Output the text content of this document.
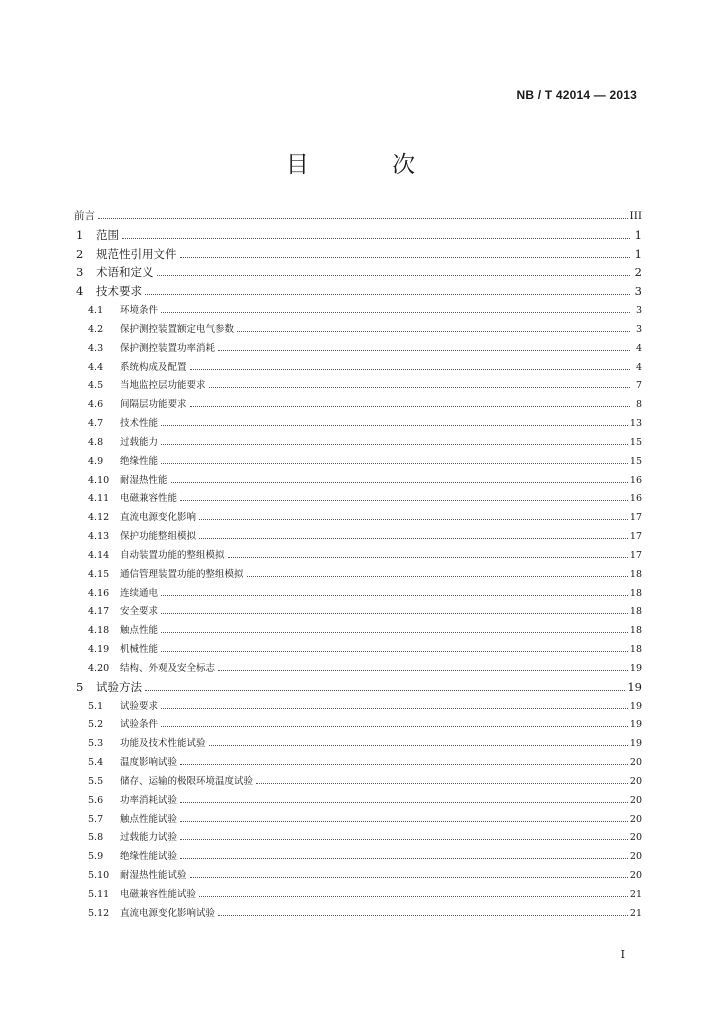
NB / T 42014 — 2013
目 次
前言	III
1	范围	1
2	规范性引用文件	1
3	术语和定义	2
4	技术要求	3
4.1	环境条件	3
4.2	保护测控装置额定电气参数	3
4.3	保护测控装置功率消耗	4
4.4	系统构成及配置	4
4.5	当地监控层功能要求	7
4.6	间隔层功能要求	8
4.7	技术性能	13
4.8	过载能力	15
4.9	绝缘性能	15
4.10	耐湿热性能	16
4.11	电磁兼容性能	16
4.12	直流电源变化影响	17
4.13	保护功能整组模拟	17
4.14	自动装置功能的整组模拟	17
4.15	通信管理装置功能的整组模拟	18
4.16	连续通电	18
4.17	安全要求	18
4.18	触点性能	18
4.19	机械性能	18
4.20	结构、外观及安全标志	19
5	试验方法	19
5.1	试验要求	19
5.2	试验条件	19
5.3	功能及技术性能试验	19
5.4	温度影响试验	20
5.5	储存、运输的极限环境温度试验	20
5.6	功率消耗试验	20
5.7	触点性能试验	20
5.8	过载能力试验	20
5.9	绝缘性能试验	20
5.10	耐湿热性能试验	20
5.11	电磁兼容性能试验	21
5.12	直流电源变化影响试验	21
I
